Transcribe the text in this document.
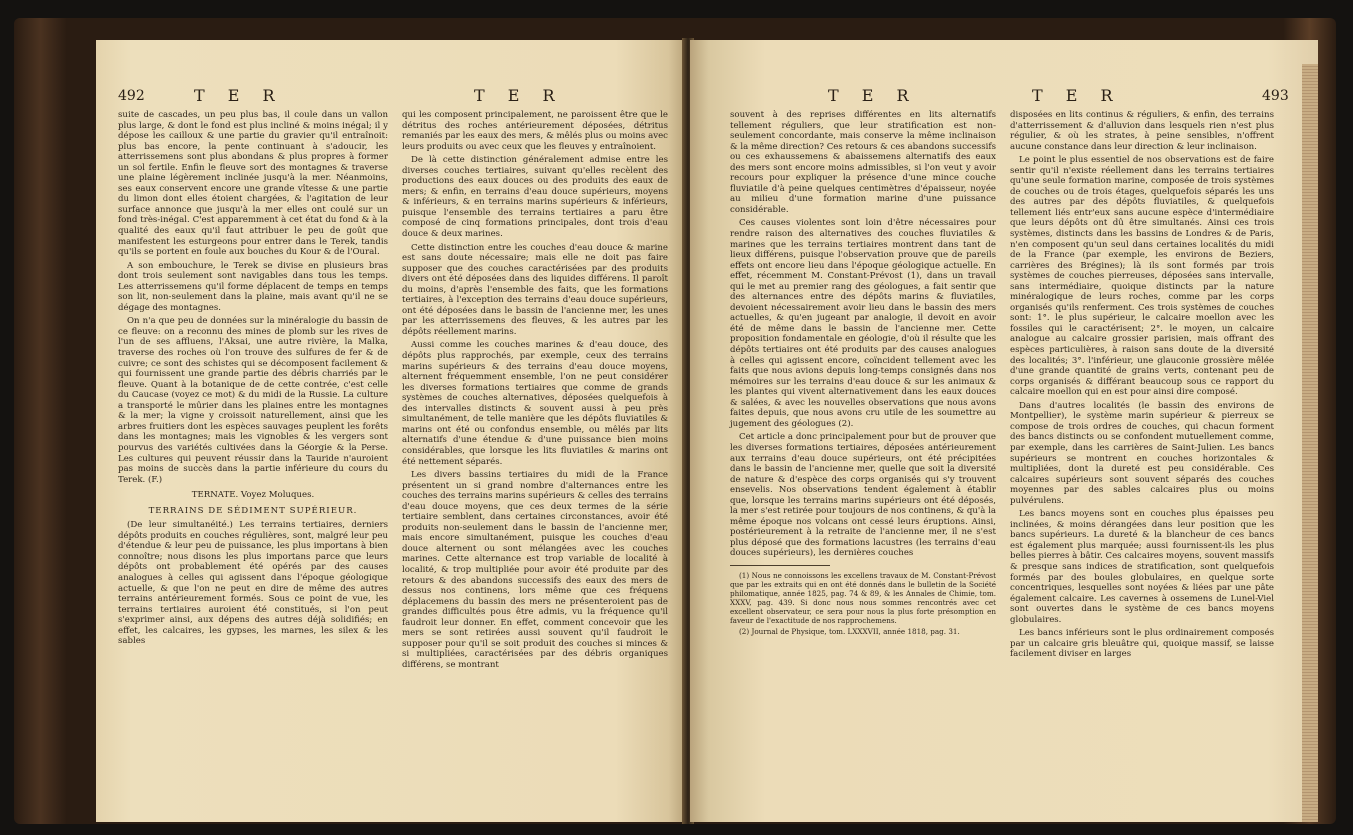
492	T E R	T E R

suite de cascades, un peu plus bas, il coule dans un vallon plus large, & dont le fond est plus incliné & moins inégal; il y dépose les cailloux & une partie du gravier qu'il entraînoit: plus bas encore, la pente continuant à s'adoucir, les atterrissemens sont plus abondans & plus propres à former un sol fertile. Enfin le fleuve sort des montagnes & traverse une plaine légèrement inclinée jusqu'à la mer. Néanmoins, ses eaux conservent encore une grande vîtesse & une partie du limon dont elles étoient chargées, & l'agitation de leur surface annonce que jusqu'à la mer elles ont coulé sur un fond très-inégal. C'est apparemment à cet état du fond & à la qualité des eaux qu'il faut attribuer le peu de goût que manifestent les esturgeons pour entrer dans le Terek, tandis qu'ils se portent en foule aux bouches du Kour & de l'Oural.

A son embouchure, le Terek se divise en plusieurs bras dont trois seulement sont navigables dans tous les temps. Les atterrissemens qu'il forme déplacent de temps en temps son lit, non-seulement dans la plaine, mais avant qu'il ne se dégage des montagnes.

On n'a que peu de données sur la minéralogie du bassin de ce fleuve: on a reconnu des mines de plomb sur les rives de l'un de ses affluens, l'Aksai, une autre rivière, la Malka, traverse des roches où l'on trouve des sulfures de fer & de cuivre; ce sont des schistes qui se décomposent facilement & qui fournissent une grande partie des débris charriés par le fleuve. Quant à la botanique de de cette contrée, c'est celle du Caucase (voyez ce mot) & du midi de la Russie. La culture a transporté le mûrier dans les plaines entre les montagnes & la mer; la vigne y croissoit naturellement, ainsi que les arbres fruitiers dont les espèces sauvages peuplent les forêts dans les montagnes; mais les vignobles & les vergers sont pourvus des variétés cultivées dans la Géorgie & la Perse. Les cultures qui peuvent réussir dans la Tauride n'auroient pas moins de succès dans la partie inférieure du cours du Terek. (F.)

TERNATE. Voyez Moluques.

TERRAINS DE SÉDIMENT SUPÉRIEUR.

(De leur simultanéité.) Les terrains tertiaires, derniers dépôts produits en couches régulières, sont, malgré leur peu d'étendue & leur peu de puissance, les plus importans à bien connoître; nous disons les plus importans parce que leurs dépôts ont probablement été opérés par des causes analogues à celles qui agissent dans l'époque géologique actuelle, & que l'on ne peut en dire de même des autres terrains antérieurement formés. Sous ce point de vue, les terrains tertiaires auroient été constitués, si l'on peut s'exprimer ainsi, aux dépens des autres déjà solidifiés; en effet, les calcaires, les gypses, les marnes, les silex & les sables

qui les composent principalement, ne paroissent être que le détritus des roches antérieurement déposées, détritus remaniés par les eaux des mers, & mêlés plus ou moins avec leurs produits ou avec ceux que les fleuves y entraînoient.

De là cette distinction généralement admise entre les diverses couches tertiaires, suivant qu'elles recèlent des productions des eaux douces ou des produits des eaux de mers; & enfin, en terrains d'eau douce supérieurs, moyens & inférieurs, & en terrains marins supérieurs & inférieurs, puisque l'ensemble des terrains tertiaires a paru être composé de cinq formations principales, dont trois d'eau douce & deux marines.

Cette distinction entre les couches d'eau douce & marine est sans doute nécessaire; mais elle ne doit pas faire supposer que des couches caractérisées par des produits divers ont été déposées dans des liquides différens. Il paroît du moins, d'après l'ensemble des faits, que les formations tertiaires, à l'exception des terrains d'eau douce supérieurs, ont été déposées dans le bassin de l'ancienne mer, les unes par les atterrissemens des fleuves, & les autres par les dépôts réellement marins.

Aussi comme les couches marines & d'eau douce, des dépôts plus rapprochés, par exemple, ceux des terrains marins supérieurs & des terrains d'eau douce moyens, alternent fréquemment ensemble, l'on ne peut considérer les diverses formations tertiaires que comme de grands systèmes de couches alternatives, déposées quelquefois à des intervalles distincts & souvent aussi à peu près simultanément, de telle manière que les dépôts fluviatiles & marins ont été ou confondus ensemble, ou mêlés par lits alternatifs d'une étendue & d'une puissance bien moins considérables, que lorsque les lits fluviatiles & marins ont été nettement séparés.

Les divers bassins tertiaires du midi de la France présentent un si grand nombre d'alternances entre les couches des terrains marins supérieurs & celles des terrains d'eau douce moyens, que ces deux termes de la série tertiaire semblent, dans certaines circonstances, avoir été produits non-seulement dans le bassin de l'ancienne mer, mais encore simultanément, puisque les couches d'eau douce alternent ou sont mélangées avec les couches marines. Cette alternance est trop variable de localité à localité, & trop multipliée pour avoir été produite par des retours & des abandons successifs des eaux des mers de dessus nos continens, lors même que ces fréquens déplacemens du bassin des mers ne présenteroient pas de grandes difficultés pous être admis, vu la fréquence qu'il faudroit leur donner. En effet, comment concevoir que les mers se sont retirées aussi souvent qu'il faudroit le supposer pour qu'il se soit produit des couches si minces & si multipliées, caractérisées par des débris organiques différens, se montrant

T E R	T E R	493

souvent à des reprises différentes en lits alternatifs tellement réguliers, que leur stratification est non-seulement concordante, mais conserve la même inclinaison & la même direction? Ces retours & ces abandons successifs ou ces exhaussemens & abaissemens alternatifs des eaux des mers sont encore moins admissibles, si l'on veut y avoir recours pour expliquer la présence d'une mince couche fluviatile d'à peine quelques centimètres d'épaisseur, noyée au milieu d'une formation marine d'une puissance considérable.

Ces causes violentes sont loin d'être nécessaires pour rendre raison des alternatives des couches fluviatiles & marines que les terrains tertiaires montrent dans tant de lieux différens, puisque l'observation prouve que de pareils effets ont encore lieu dans l'époque géologique actuelle. En effet, récemment M. Constant-Prévost (1), dans un travail qui le met au premier rang des géologues, a fait sentir que des alternances entre des dépôts marins & fluviatiles, devoient nécessairement avoir lieu dans le bassin des mers actuelles, & qu'en jugeant par analogie, il devoit en avoir été de même dans le bassin de l'ancienne mer. Cette proposition fondamentale en géologie, d'où il résulte que les dépôts tertiaires ont été produits par des causes analogues à celles qui agissent encore, coïncident tellement avec les faits que nous avions depuis long-temps consignés dans nos mémoires sur les terrains d'eau douce & sur les animaux & les plantes qui vivent alternativement dans les eaux douces & salées, & avec les nouvelles observations que nous avons faites depuis, que nous avons cru utile de les soumettre au jugement des géologues (2).

Cet article a donc principalement pour but de prouver que les diverses formations tertiaires, déposées antérieurement aux terrains d'eau douce supérieurs, ont été précipitées dans le bassin de l'ancienne mer, quelle que soit la diversité de nature & d'espèce des corps organisés qui s'y trouvent ensevelis. Nos observations tendent également à établir que, lorsque les terrains marins supérieurs ont été déposés, la mer s'est retirée pour toujours de nos continens, & qu'à la même époque nos volcans ont cessé leurs éruptions. Ainsi, postérieurement à la retraite de l'ancienne mer, il ne s'est plus déposé que des formations lacustres (les terrains d'eau douces supérieurs), les dernières couches

(1) Nous ne connoissons les excellens travaux de M. Constant-Prévost que par les extraits qui en ont été donnés dans le bulletin de la Société philomatique, année 1825, pag. 74 & 89, & les Annales de Chimie, tom. XXXV, pag. 439. Si donc nous nous sommes rencontrés avec cet excellent observateur, ce sera pour nous la plus forte présomption en faveur de l'exactitude de nos rapprochemens.

(2) Journal de Physique, tom. LXXXVII, année 1818, pag. 31.

disposées en lits continus & réguliers, & enfin, des terrains d'atterrissement & d'alluvion dans lesquels rien n'est plus régulier, & où les strates, à peine sensibles, n'offrent aucune constance dans leur direction & leur inclinaison.

Le point le plus essentiel de nos observations est de faire sentir qu'il n'existe réellement dans les terrains tertiaires qu'une seule formation marine, composée de trois systèmes de couches ou de trois étages, quelquefois séparés les uns des autres par des dépôts fluviatiles, & quelquefois tellement liés entr'eux sans aucune espèce d'intermédiaire que leurs dépôts ont dû être simultanés. Ainsi ces trois systèmes, distincts dans les bassins de Londres & de Paris, n'en composent qu'un seul dans certaines localités du midi de la France (par exemple, les environs de Beziers, carrières des Brégines); là ils sont formés par trois systèmes de couches pierreuses, déposées sans intervalle, sans intermédiaire, quoique distincts par la nature minéralogique de leurs roches, comme par les corps organisés qu'ils renferment. Ces trois systèmes de couches sont: 1°. le plus supérieur, le calcaire moellon avec les fossiles qui le caractérisent; 2°. le moyen, un calcaire analogue au calcaire grossier parisien, mais offrant des espèces particulières, à raison sans doute de la diversité des localités; 3°. l'inférieur, une glauconie grossière mêlée d'une grande quantité de grains verts, contenant peu de corps organisés & différant beaucoup sous ce rapport du calcaire moellon qui en est pour ainsi dire composé.

Dans d'autres localités (le bassin des environs de Montpellier), le système marin supérieur & pierreux se compose de trois ordres de couches, qui chacun forment des bancs distincts ou se confondent mutuellement comme, par exemple, dans les carrières de Saint-Julien. Les bancs supérieurs se montrent en couches horizontales & multipliées, dont la dureté est peu considérable. Ces calcaires supérieurs sont souvent séparés des couches moyennes par des sables calcaires plus ou moins pulvérulens.

Les bancs moyens sont en couches plus épaisses peu inclinées, & moins dérangées dans leur position que les bancs supérieurs. La dureté & la blancheur de ces bancs est également plus marquée; aussi fournissent-ils les plus belles pierres à bâtir. Ces calcaires moyens, souvent massifs & presque sans indices de stratification, sont quelquefois formés par des boules globulaires, en quelque sorte concentriques, lesquelles sont noyées & liées par une pâte également calcaire. Les cavernes à ossemens de Lunel-Viel sont ouvertes dans le système de ces bancs moyens globulaires.

Les bancs inférieurs sont le plus ordinairement composés par un calcaire gris bleuâtre qui, quoique massif, se laisse facilement diviser en larges
